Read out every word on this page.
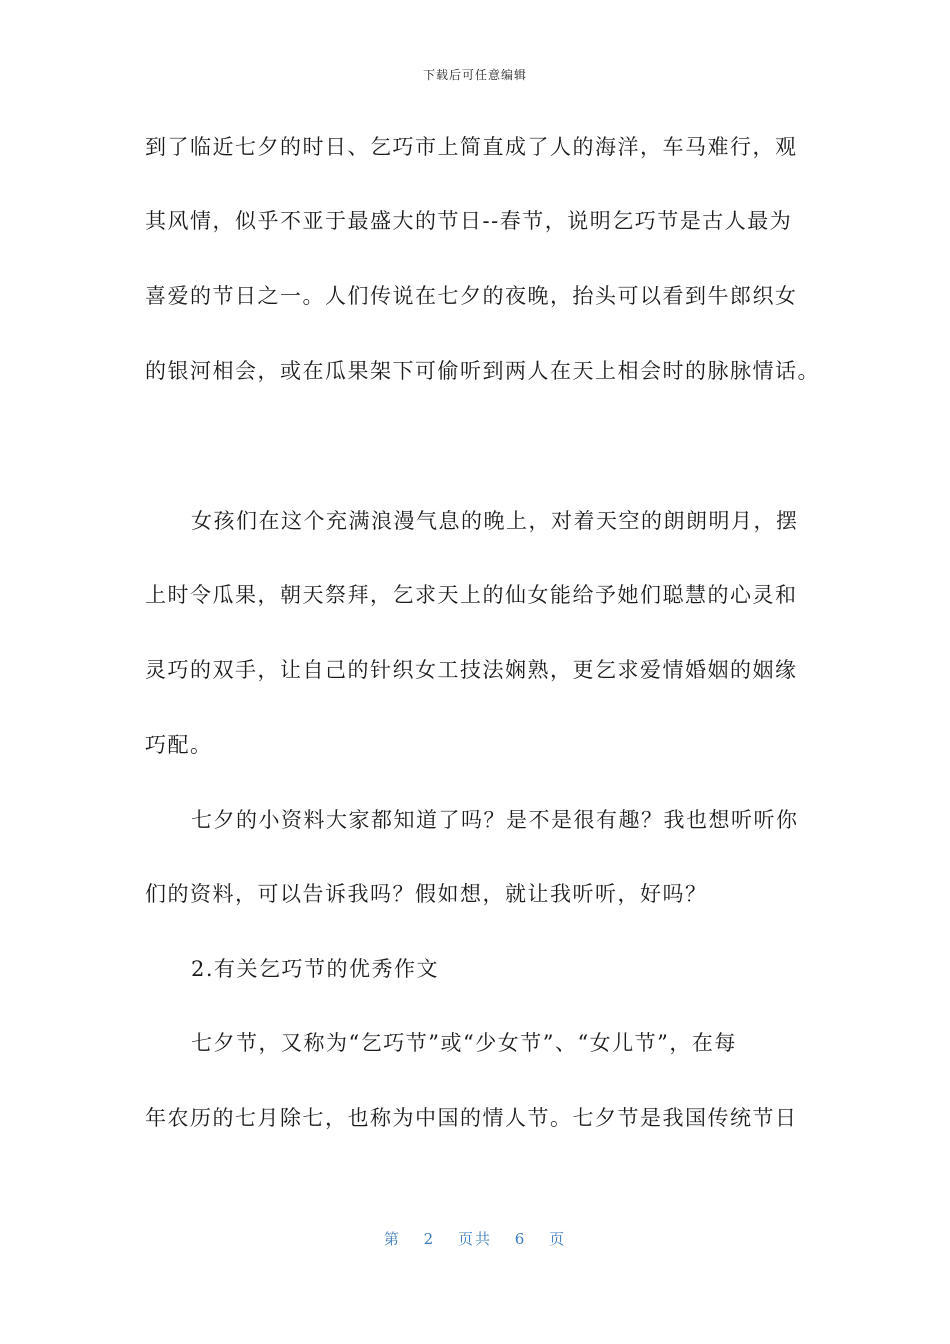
下载后可任意编辑
到了临近七夕的时日、乞巧市上简直成了人的海洋，车马难行，观
其风情，似乎不亚于最盛大的节日--春节，说明乞巧节是古人最为
喜爱的节日之一。人们传说在七夕的夜晚，抬头可以看到牛郎织女
的银河相会，或在瓜果架下可偷听到两人在天上相会时的脉脉情话。
女孩们在这个充满浪漫气息的晚上，对着天空的朗朗明月，摆
上时令瓜果，朝天祭拜，乞求天上的仙女能给予她们聪慧的心灵和
灵巧的双手，让自己的针织女工技法娴熟，更乞求爱情婚姻的姻缘
巧配。
七夕的小资料大家都知道了吗？是不是很有趣？我也想听听你
们的资料，可以告诉我吗？假如想，就让我听听，好吗？
2.有关乞巧节的优秀作文
七夕节，又称为“乞巧节”或“少女节”、“女儿节”，在每
年农历的七月除七，也称为中国的情人节。七夕节是我国传统节日
第 2 页共 6 页
